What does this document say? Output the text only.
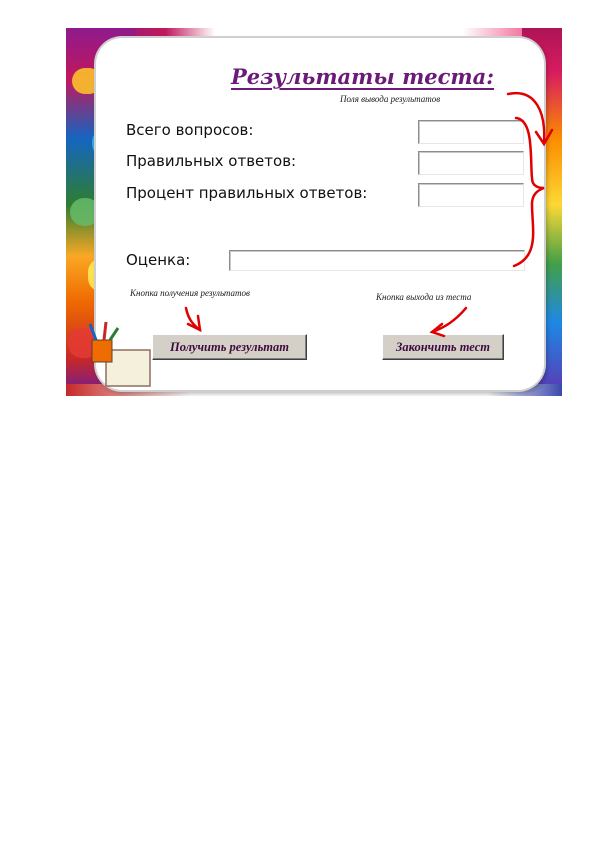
Результаты теста:
Поля вывода результатов
Всего вопросов:
Правильных ответов:
Процент правильных ответов:
Оценка:
Кнопка получения результатов	Кнопка выхода из теста
Получить результат	Закончить тест
